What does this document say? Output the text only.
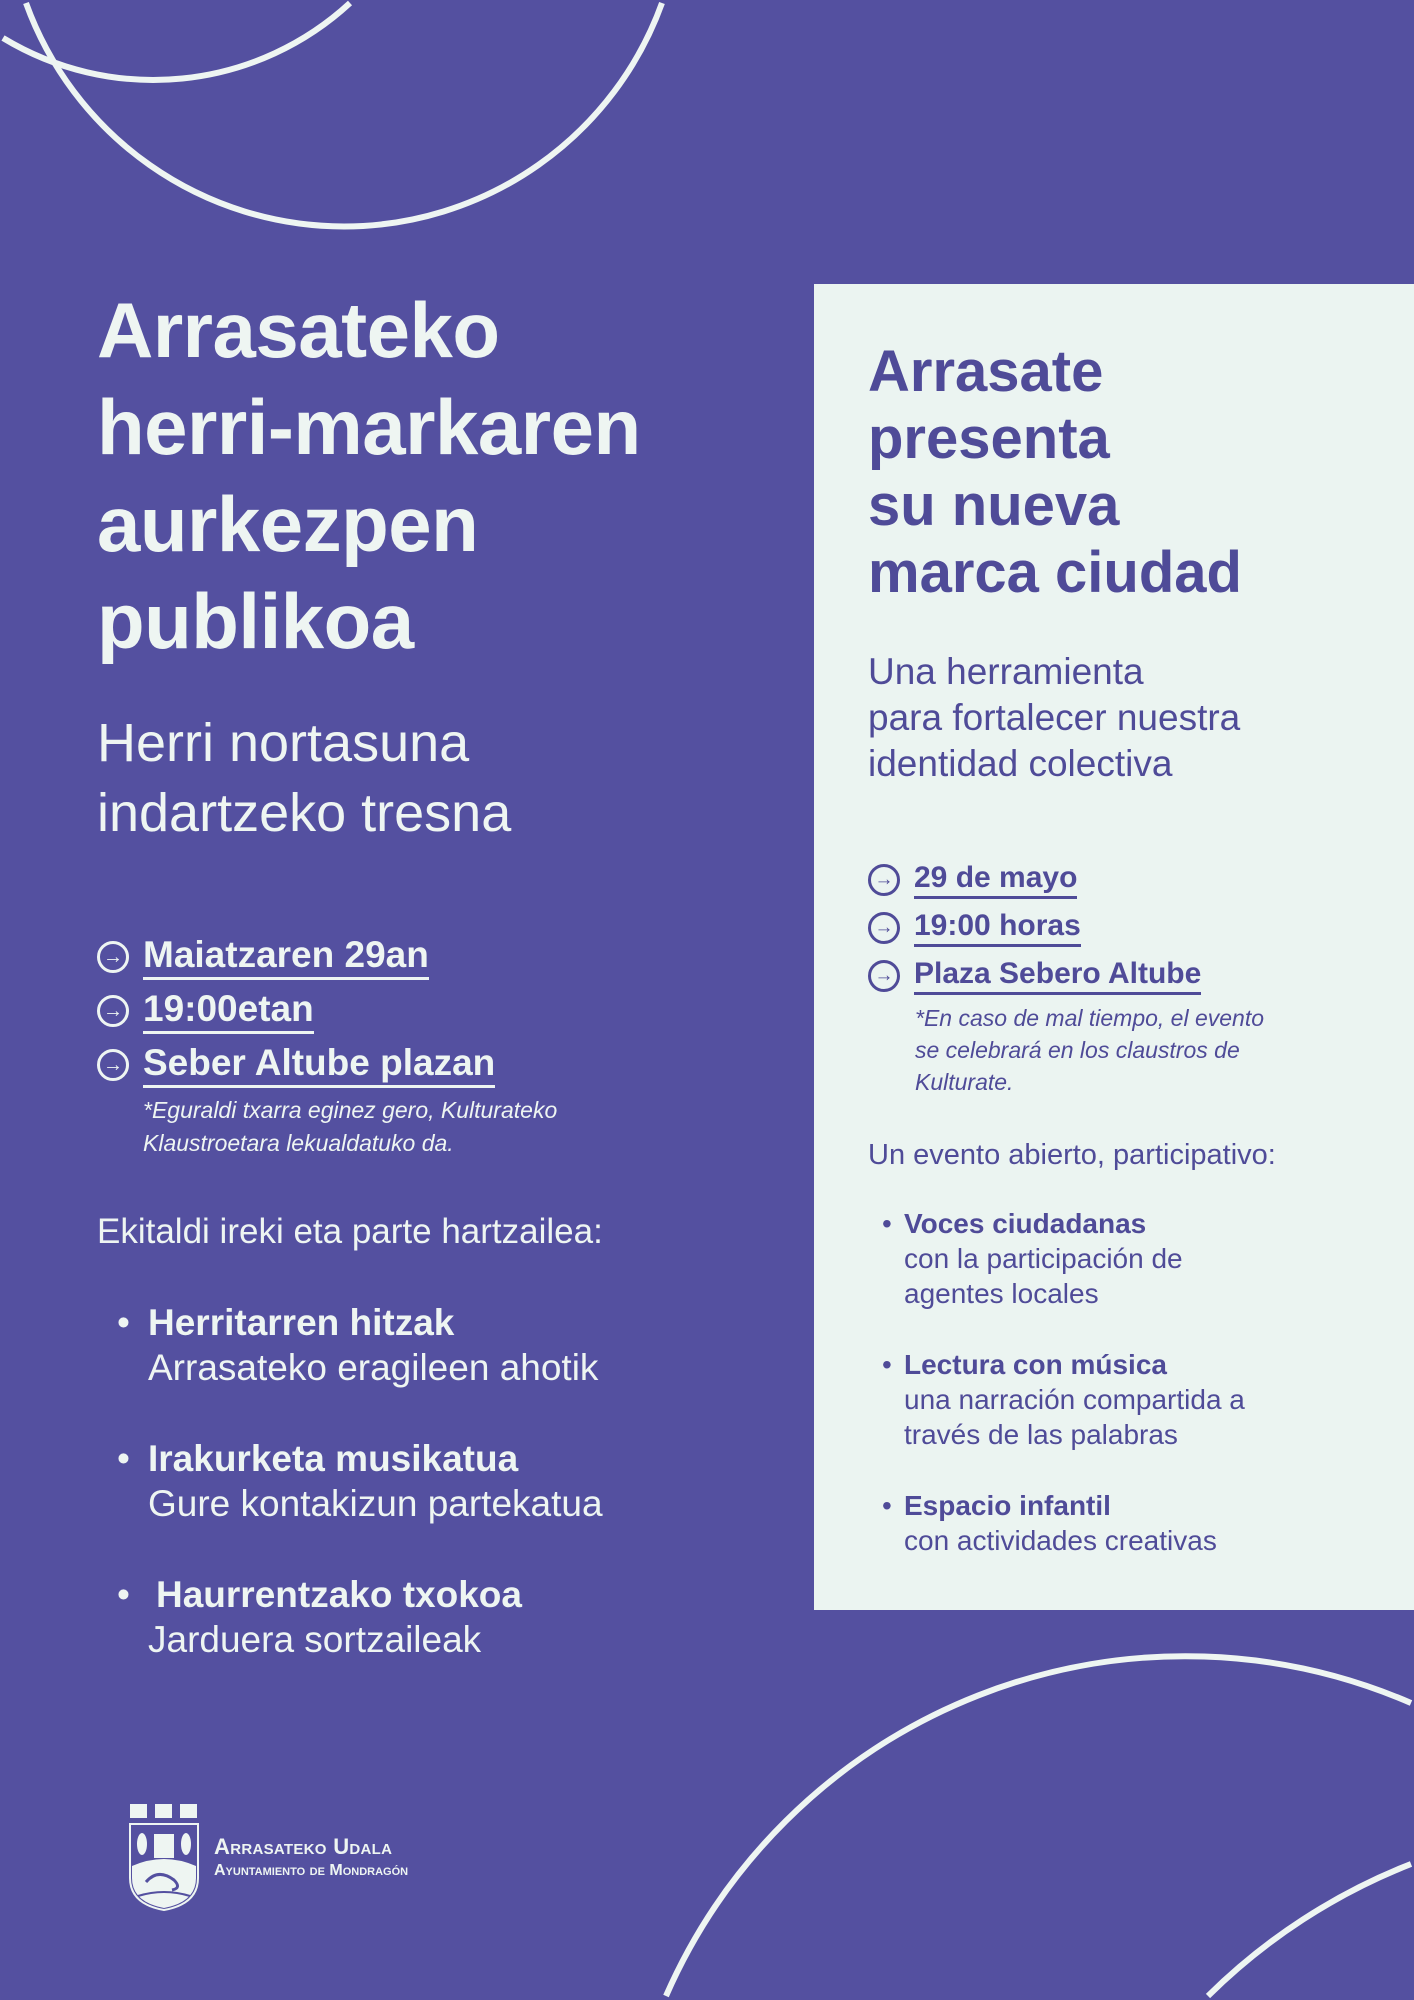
Arrasateko
herri-markaren
aurkezpen
publikoa
Herri nortasuna
indartzeko tresna
→ Maiatzaren 29an
→ 19:00etan
→ Seber Altube plazan
*Eguraldi txarra eginez gero, Kulturateko
Klaustroetara lekualdatuko da.
Ekitaldi ireki eta parte hartzailea:
• Herritarren hitzak
Arrasateko eragileen ahotik
• Irakurketa musikatua
Gure kontakizun partekatua
• Haurrentzako txokoa
Jarduera sortzaileak
Arrasate
presenta
su nueva
marca ciudad
Una herramienta
para fortalecer nuestra
identidad colectiva
→ 29 de mayo
→ 19:00 horas
→ Plaza Sebero Altube
*En caso de mal tiempo, el evento
se celebrará en los claustros de
Kulturate.
Un evento abierto, participativo:
• Voces ciudadanas
con la participación de
agentes locales
• Lectura con música
una narración compartida a
través de las palabras
• Espacio infantil
con actividades creativas
Arrasateko Udala
Ayuntamiento de Mondragón
